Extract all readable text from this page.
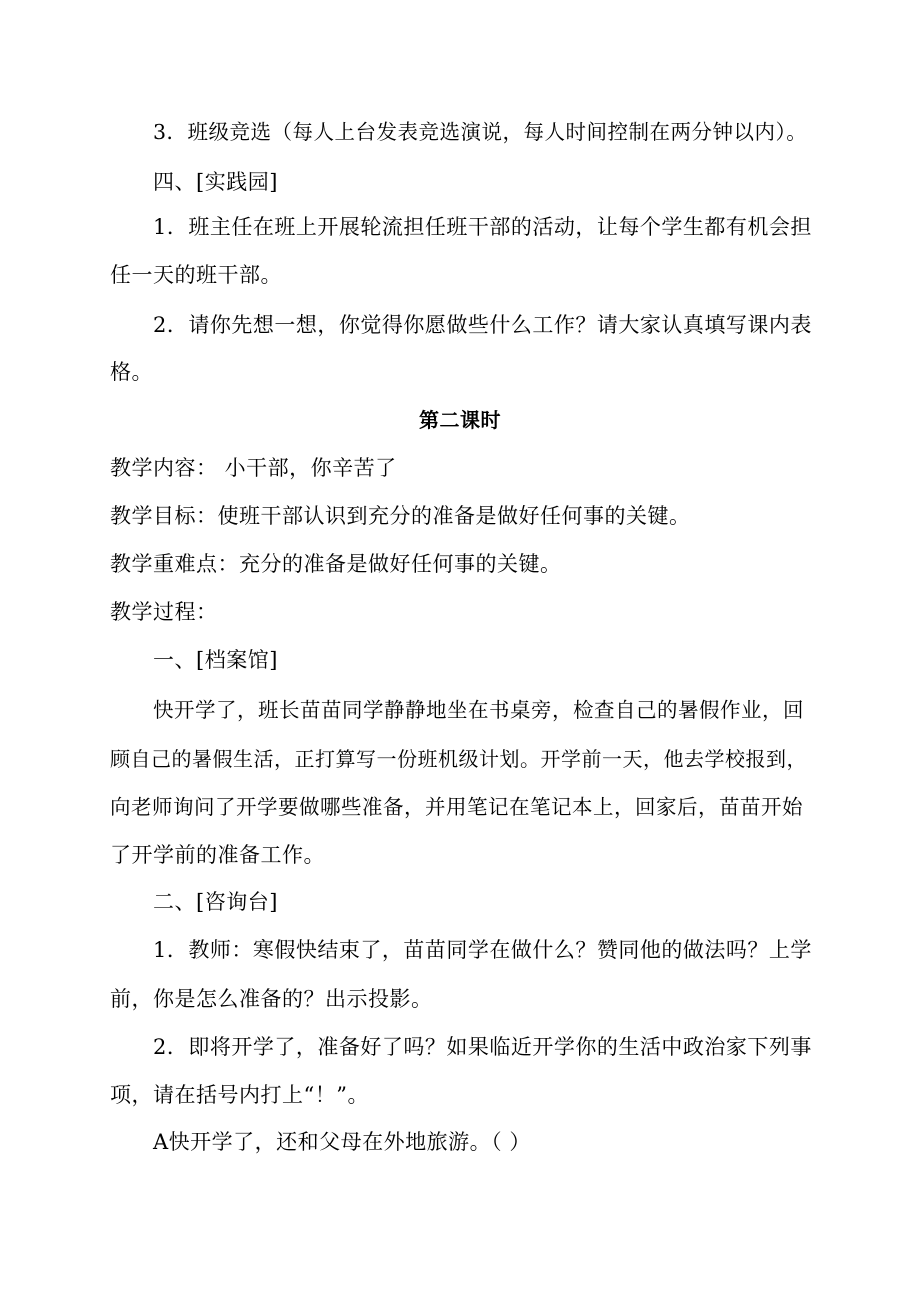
3．班级竞选（每人上台发表竞选演说，每人时间控制在两分钟以内）。
四、[实践园]
1．班主任在班上开展轮流担任班干部的活动，让每个学生都有机会担
任一天的班干部。
2．请你先想一想，你觉得你愿做些什么工作？请大家认真填写课内表
格。
第二课时
教学内容： 小干部，你辛苦了
教学目标：使班干部认识到充分的准备是做好任何事的关键。
教学重难点：充分的准备是做好任何事的关键。
教学过程：
一、[档案馆]
快开学了，班长苗苗同学静静地坐在书桌旁，检查自己的暑假作业，回
顾自己的暑假生活，正打算写一份班机级计划。开学前一天，他去学校报到，
向老师询问了开学要做哪些准备，并用笔记在笔记本上，回家后，苗苗开始
了开学前的准备工作。
二、[咨询台]
1．教师：寒假快结束了，苗苗同学在做什么？赞同他的做法吗？上学
前，你是怎么准备的？出示投影。
2．即将开学了，准备好了吗？如果临近开学你的生活中政治家下列事
项，请在括号内打上“！”。
A快开学了，还和父母在外地旅游。（ ）
